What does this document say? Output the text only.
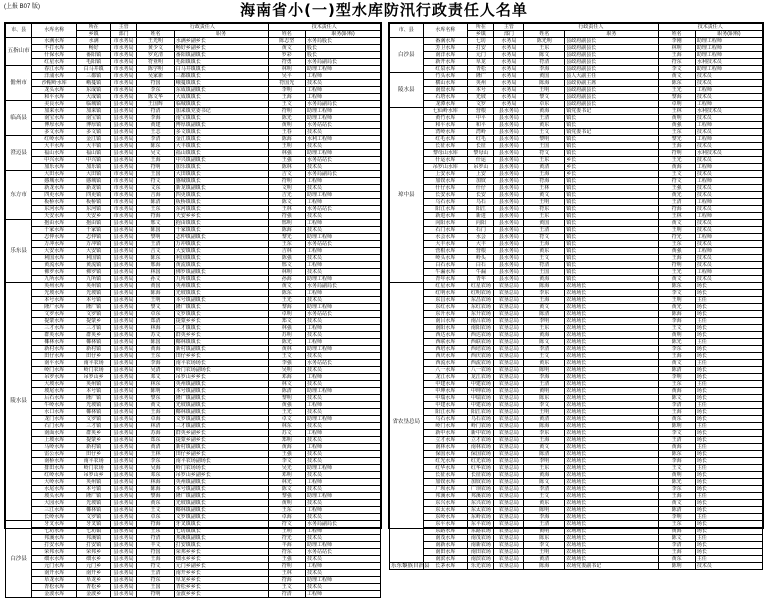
(上报 B07 版)	海南省小(一)型水库防汛行政责任人名单
市、县	水库名称	所在	主管	行政责任人		技术责任人	
		乡镇	部门	姓名	职务	姓名	职务(职称)
五指山市	水满水库	水满	市水务局	王光明	水满乡副乡长	陈志坚	水务局股长
	不打水库	畅好	市水务局	黄少文	畅好乡副乡长	黄文	股长
	什保水库	番阳镇	市水务局	罗克清	番阳镇副镇长	罗彩	股长
	红星水库	毛阳镇	市水务局	符亚明	毛阳镇镇长	符勇	水务局副局长
儋州市	春江水库	白马井镇	市水务局	陈学明	白马井镇镇长	林明	助理工程师
	洋浦水库	三都镇	市水务局	吴家新	三都镇镇长	吴平	工程师
	沙帽岭水库	峨蔓镇	市水务局	符国	峨蔓镇镇长	符国光	技术员
	龙头水库	东成镇	市水务局	李东	东成镇副镇长	李明	工程师
	和平水库	大成镇	市水务局	陈文华	大成镇镇长	王海	工程师
临高县	美良水库	临城镇	县水务局	王国辉	临城镇镇长	王文	水务局副局长
	加来水库	加来镇	县水务局	符清	加来镇党委书记	符明	助理工程师
	南宝水库	南宝镇	县水务局	李海	南宝镇镇长	陈光	助理工程师
	博厚水库	博厚镇	县水务局	黄建	博厚镇副镇长	黄明	水务站站长
	多文水库	多文镇	县水务局	王志	多文镇镇长	王春	技术员
澄迈县	红岭水库	金江镇	县水务局	李清	金江镇镇长	陈海	水利工程师
	大丰水库	大丰镇	县水务局	陈东	大丰镇镇长	王明	技术员
	福山水库	福山镇	县水务局	吴文	福山镇镇长	林强	助理工程师
	中兴水库	中兴镇	县水务局	王海	中兴镇副镇长	王强	水务站站长
	加乐水库	加乐镇	县水务局	符明	加乐镇镇长	陈林	技术员
东方市	大田水库	大田镇	市水务局	王国	大田镇镇长	吉文	水务局副局长
	感城水库	感城镇	市水务局	符文	感城镇镇长	符明	工程师
	新龙水库	新龙镇	市水务局	文东	新龙镇副镇长	文明	技术员
	四更水库	四更镇	市水务局	吉海	四更镇镇长	吉光	助理工程师
	板桥水库	板桥镇	市水务局	陈清	板桥镇镇长	陈文	工程师
	东河水库	东河镇	市水务局	王东	东河镇镇长	王林	水务站站长
	天安水库	天安乡	市水务局	符海	天安乡乡长	符强	技术员
乐东县	抱由水库	抱由镇	县水务局	邢文	抱由镇镇长	邢明	工程师
	千家水库	千家镇	县水务局	陈国	千家镇镇长	陈海	技术员
	志仲水库	志仲镇	县水务局	黎明	志仲镇副镇长	黎光	助理工程师
	万冲水库	万冲镇	县水务局	王清	万冲镇镇长	王东	水务站站长
	大安水库	大安镇	县水务局	吉文	大安镇镇长	吉林	工程师
	利国水库	利国镇	县水务局	陈东	利国镇镇长	陈强	技术员
	黄流水库	黄流镇	县水务局	邢海	黄流镇镇长	邢文	工程师
	佛罗水库	佛罗镇	县水务局	林国	佛罗镇副镇长	林明	技术员
	九所水库	九所镇	县水务局	孙文	九所镇镇长	孙海	助理工程师
陵水县	英州水库	英州镇	县水务局	黄国	英州镇镇长	黄文	水务局副局长
	光坡水库	光坡镇	县水务局	陈海	光坡镇镇长	陈东	工程师
	本号水库	本号镇	县水务局	王明	本号镇副镇长	王光	技术员
	隆广水库	隆广镇	县水务局	黎文	隆广镇镇长	黎海	助理工程师
	文罗水库	文罗镇	县水务局	卓东	文罗镇镇长	卓明	水务站站长
	提蒙水库	提蒙乡	县水务局	郑清	提蒙乡乡长	郑文	技术员
	三才水库	三才镇	县水务局	林海	三才镇镇长	林强	工程师
	群英水库	群英乡	县水务局	苏文	群英乡乡长	苏明	技术员
	椰林水库	椰林镇	县水务局	陈国	椰林镇镇长	陈光	工程师
	新村水库	新村镇	县水务局	黄海	新村镇副镇长	黄林	助理工程师
	田仔水库	田仔乡	县水务局	王东	田仔乡乡长	王文	技术员
	南平水库	南平农场	县水务局	李海	南平农场场长	李强	水务站站长
	岭门水库	岭门农场	县水务局	吴清	岭门农场副场长	吴明	技术员
	吊罗水库	吊罗山乡	县水务局	邓文	吊罗山乡乡长	邓海	工程师
	大坡水库	英州镇	县水务局	林东	英州镇副镇长	林文	技术员
	坡尾水库	本号镇	县水务局	陈明	本号镇副镇长	陈清	助理工程师
	后石水库	隆广镇	县水务局	黎东	隆广镇副镇长	黎明	技术员
	牛岭水库	光坡镇	县水务局	黄文	光坡镇副镇长	黄强	工程师
	水口水库	椰林镇	县水务局	王海	椰林镇副镇长	王光	技术员
	龙门水库	文罗镇	县水务局	卓海	文罗镇副镇长	卓文	助理工程师
	石门水库	三才镇	县水务局	林清	三才镇副镇长	林东	技术员
	南面水库	群英乡	县水务局	苏海	群英乡副乡长	苏文	工程师
	上坡水库	提蒙乡	县水务局	郑东	提蒙乡副乡长	郑明	技术员
	马岭水库	新村镇	县水务局	黄清	新村镇副镇长	黄海	工程师
	雷公水库	田仔乡	县水务局	王林	田仔乡副乡长	王强	技术员
	南桥水库	南平农场	县水务局	李东	南平农场副场长	李文	技术员
	排田水库	岭门农场	县水务局	吴海	岭门农场场长	吴光	助理工程师
	红岭水库	吊罗山乡	县水务局	邓东	吊罗山乡副乡长	邓明	技术员
	大岭水库	英州镇	县水务局	林海	英州镇副镇长	林光	工程师
	水尾水库	本号镇	县水务局	陈海	本号镇副镇长	陈文	技术员
	坡头水库	隆广镇	县水务局	黎海	隆广镇副镇长	黎强	助理工程师
	大园水库	光坡镇	县水务局	黄东	光坡镇副镇长	黄明	技术员
	三江水库	椰林镇	县水务局	王文	椰林镇副镇长	王东	工程师
	长岭水库	文罗镇	县水务局	卓东	文罗镇副镇长	卓海	技术员
白沙县	牙叉水库	牙叉镇	县水务局	符海	牙叉镇镇长	符文	水务局副局长
	七坊水库	七坊镇	县水务局	王东	七坊镇镇长	王明	工程师
	邦溪水库	邦溪镇	县水务局	符清	邦溪镇副镇长	符光	技术员
	打安水库	打安镇	县水务局	羊文	打安镇镇长	羊海	助理工程师
	荣邦水库	荣邦乡	县水务局	符国	荣邦乡乡长	符东	水务站站长
	细水水库	细水乡	县水务局	王海	细水乡乡长	王强	技术员
	元门水库	元门乡	县水务局	符文	元门乡副乡长	符明	工程师
	南开水库	南开乡	县水务局	王清	南开乡乡长	王林	技术员
	阜龙水库	阜龙乡	县水务局	符东	阜龙乡乡长	符海	助理工程师
	青松水库	青松乡	县水务局	王国	青松乡乡长	王文	技术员
	金波水库	金波乡	县水务局	符明	金波乡乡长	符清	工程师
市、县	水库名称	所在	主管	行政责任人		技术责任人	
		乡镇	部门	姓名	职务	姓名	职务(职称)
白沙县	番满水库	七坊	水务局	陈光明	县政府副县长	李刚	助理工程师
	芳卫水库	打安	水务局	王东	县政府副县长	林明	助理工程师
	南洋水库	元门	水务局	陈文	县政府副县长	王海	助理工程师
	新开水库	阜龙	水务局	符清	县政府副县长	符东	水利技术员
	红泉水库	青松	水务局	李海	县政府副县长	李文	助理工程师
陵水县	竹头水库	隆广	水务局	黄国	县人大副主任	黄文	技术员
	横山水库	英州	水务局	陈海	县政协副主席	陈东	技术员
	南盘水库	本号	水务局	王明	县政府副县长	王光	工程师
	石塔水库	光坡	水务局	黎文	县政府副县长	黎海	技术员
	龙潭水库	文罗	水务局	卓东	县政府副县长	卓明	工程师
琼中县	七仙岭水库	营根	县水务局	黄海	镇党委书记	王林	水利技术员
	黄竹水库	中平	县水务局	王清	镇长	黄明	技术员
	和平水库	和平	县水务局	黄东	镇长	黄强	工程师
	湾岭水库	湾岭	县水务局	王文	镇党委书记	王东	技术员
	红毛水库	红毛	县水务局	黎明	镇长	黎光	工程师
	长征水库	长征	县水务局	王国	镇长	王海	技术员
	黎母山水库	黎母山	县水务局	符文	镇长	符明	水利技术员
	什运水库	什运	县水务局	王东	乡长	王光	技术员
	吊罗山水库	吊罗山	县水务局	黄清	乡长	黄海	工程师
	上安水库	上安	县水务局	王海	乡长	王文	技术员
	加钗水库	加钗	县水务局	符海	镇长	符文	工程师
	什仔水库	什仔	县水务局	王林	镇长	王强	技术员
	长安水库	长安	县水务局	黄文	镇长	黄光	技术员
	乌石水库	乌石	县水务局	王明	镇长	王清	工程师
	阳江水库	阳江	县水务局	符东	镇长	符海	技术员
	新进水库	新进	县水务局	王东	镇长	王林	工程师
	向阳水库	向阳	县水务局	黄国	镇长	黄文	技术员
	石门水库	石门	县水务局	王清	镇长	王明	技术员
	水会水库	水会	县水务局	符文	镇长	符光	工程师
	大丰水库	大丰	县水务局	王海	镇长	王东	技术员
	营根水库	营根	县水务局	黄东	镇长	黄强	工程师
	岭头水库	岭头	县水务局	王文	镇长	王海	技术员
	白石水库	白石	县水务局	符清	镇长	符明	技术员
	牛漏水库	牛漏	县水务局	王国	镇长	王光	工程师
	青年水库	青年	县水务局	黄海	镇长	黄文	技术员
省农垦总局	红星水库	红星农场	农垦总局	陈海	农场场长	陈东	场长
	红明水库	红明农场	农垦总局	李东	农场场长	李文	场长
	东昌水库	东昌农场	农垦总局	王海	农场场长	王明	主任
	东红水库	东红农场	农垦总局	黄文	农场场长	黄光	场长
	东升水库	东升农场	农垦总局	陈清	农场场长	陈海	场长
	南吕水库	南吕农场	农垦总局	李明	农场场长	李海	主任
	南阳水库	南阳农场	农垦总局	王东	农场场长	王文	场长
	西达水库	西达农场	农垦总局	黄海	农场场长	黄明	场长
	西联水库	西联农场	农垦总局	陈文	农场场长	陈光	主任
	西培水库	西培农场	农垦总局	李清	农场场长	李东	场长
	西庆水库	西庆农场	农垦总局	王文	农场场长	王海	场长
	西流水库	西流农场	农垦总局	黄东	农场场长	黄文	主任
	八一水库	八一农场	农垦总局	陈明	农场场长	陈清	场长
	龙江水库	龙江农场	农垦总局	李海	农场场长	李明	场长
	中建水库	中建农场	农垦总局	王清	农场场长	王东	主任
	中坤水库	中坤农场	农垦总局	黄明	农场场长	黄海	场长
	中瑞水库	中瑞农场	农垦总局	陈东	农场场长	陈文	场长
	中建水库	中建农场	农垦总局	李文	农场场长	李清	主任
	阳江水库	阳江农场	农垦总局	王明	农场场长	王海	场长
	乌石水库	乌石农场	农垦总局	黄清	农场场长	黄东	场长
	岭门水库	岭门农场	农垦总局	陈海	农场场长	陈明	主任
	新中水库	新中农场	农垦总局	李东	农场场长	李文	场长
	立才水库	立才农场	农垦总局	王海	农场场长	王清	场长
	南林水库	南林农场	农垦总局	黄文	农场场长	黄海	主任
	保国水库	保国农场	农垦总局	陈清	农场场长	陈东	场长
	红光水库	红光农场	农垦总局	李明	农场场长	李海	场长
	红华水库	红华农场	农垦总局	王东	农场场长	王文	主任
	长征水库	长征农场	农垦总局	黄海	农场场长	黄明	场长
	加钗水库	加钗农场	农垦总局	陈文	农场场长	陈光	场长
	广坝水库	广坝农场	农垦总局	李清	农场场长	李东	场长
	邦溪水库	邦溪农场	农垦总局	王文	农场场长	王海	主任
	东兴水库	东兴农场	农垦总局	黄东	农场场长	黄文	场长
	东太水库	东太农场	农垦总局	陈明	农场场长	陈清	场长
	东岭水库	东岭农场	农垦总局	李海	农场场长	李明	主任
	东平水库	东平农场	农垦总局	王清	农场场长	王东	场长
	东路水库	东路农场	农垦总局	黄明	农场场长	黄海	场长
	南茂水库	南茂农场	农垦总局	陈东	农场场长	陈文	主任
	南新水库	南新农场	农垦总局	李文	农场场长	李清	场长
	南田水库	南田农场	农垦总局	王明	农场场长	王海	场长
	南滨水库	南滨农场	农垦总局	黄清	农场场长	黄东	主任
乐东黎族自治县	长茅水库	乐光农场	农垦总局	陈海	农场党委副书记	陈明	技术员
